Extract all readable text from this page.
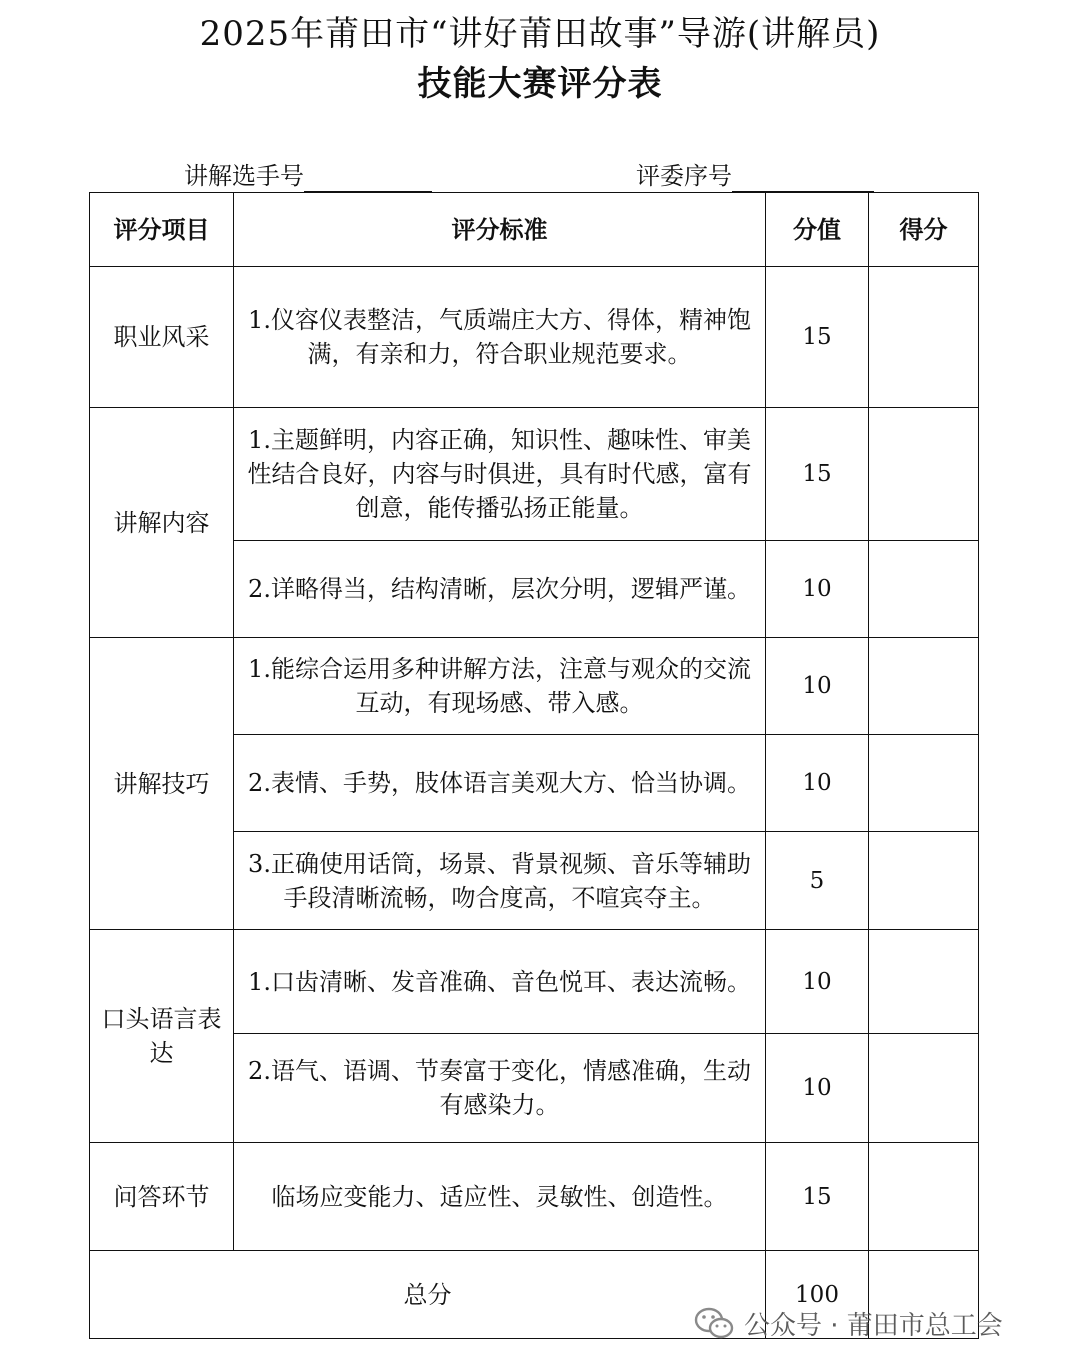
2025年莆田市“讲好莆田故事”导游(讲解员)
技能大赛评分表
讲解选手号	评委序号
评分项目	评分标准	分值	得分
职业风采	1.仪容仪表整洁，气质端庄大方、得体，精神饱满，有亲和力，符合职业规范要求。	15	
讲解内容	1.主题鲜明，内容正确，知识性、趣味性、审美性结合良好，内容与时俱进，具有时代感，富有创意，能传播弘扬正能量。	15	
	2.详略得当，结构清晰，层次分明，逻辑严谨。	10	
讲解技巧	1.能综合运用多种讲解方法，注意与观众的交流互动，有现场感、带入感。	10	
	2.表情、手势，肢体语言美观大方、恰当协调。	10	
	3.正确使用话筒，场景、背景视频、音乐等辅助手段清晰流畅，吻合度高，不喧宾夺主。	5	
口头语言表达	1.口齿清晰、发音准确、音色悦耳、表达流畅。	10	
	2.语气、语调、节奏富于变化，情感准确，生动有感染力。	10	
问答环节	临场应变能力、适应性、灵敏性、创造性。	15	
总分		100	
公众号 · 莆田市总工会
